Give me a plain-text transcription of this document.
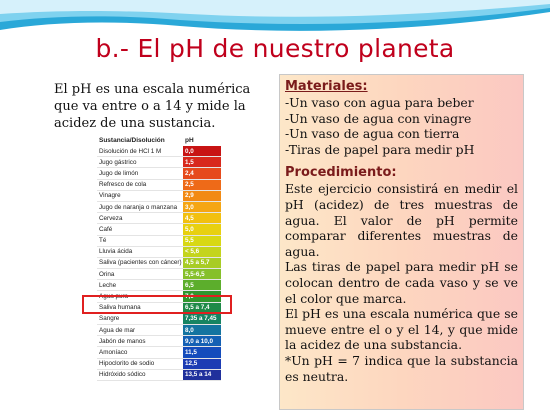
b.- El pH de nuestro planeta
El pH es una escala numérica que va entre o a 14 y mide la acidez de una sustancia.
Sustancia/Disolución	pH
Disolución de HCl 1 M	0,0
Jugo gástrico	1,5
Jugo de limón	2,4
Refresco de cola	2,5
Vinagre	2,9
Jugo de naranja o manzana	3,0
Cerveza	4,5
Café	5,0
Té	5,5
Lluvia ácida	< 5,6
Saliva (pacientes con cáncer)	4,5 a 5,7
Orina	5,5-6,5
Leche	6,5
Agua pura	7,0
Saliva humana	6,5 a 7,4
Sangre	7,35 a 7,45
Agua de mar	8,0
Jabón de manos	9,0 a 10,0
Amoníaco	11,5
Hipoclorito de sodio	12,5
Hidróxido sódico	13,5 a 14
Materiales:
-Un vaso con agua para beber
-Un vaso de agua con vinagre
-Un vaso de agua con tierra
-Tiras de papel para medir pH
Procedimiento:

Este ejercicio consistirá en medir el pH (acidez) de tres muestras de agua. El valor de pH permite comparar diferentes muestras de agua.

Las tiras de papel para medir pH se colocan dentro de cada vaso y se ve el color que marca.

El pH es una escala numérica que se mueve entre el o y el 14, y que mide la acidez de una substancia.

*Un pH = 7 indica que la substancia es neutra.
